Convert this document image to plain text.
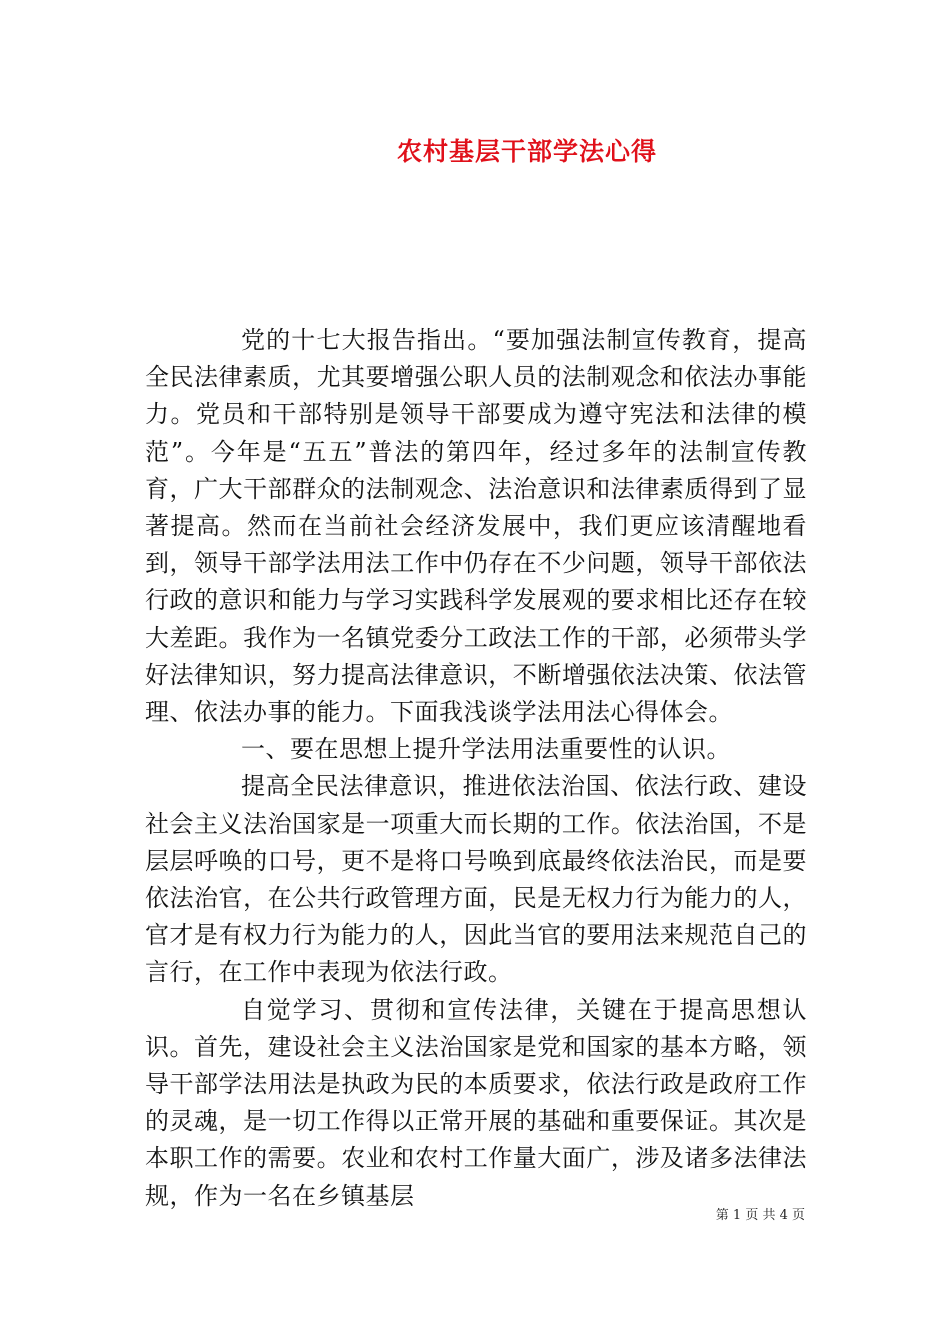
农村基层干部学法心得

党的十七大报告指出。“要加强法制宣传教育，提高全民法律素质，尤其要增强公职人员的法制观念和依法办事能力。党员和干部特别是领导干部要成为遵守宪法和法律的模范”。今年是“五五”普法的第四年，经过多年的法制宣传教育，广大干部群众的法制观念、法治意识和法律素质得到了显著提高。然而在当前社会经济发展中，我们更应该清醒地看到，领导干部学法用法工作中仍存在不少问题，领导干部依法行政的意识和能力与学习实践科学发展观的要求相比还存在较大差距。我作为一名镇党委分工政法工作的干部，必须带头学好法律知识，努力提高法律意识，不断增强依法决策、依法管理、依法办事的能力。下面我浅谈学法用法心得体会。

一、要在思想上提升学法用法重要性的认识。

提高全民法律意识，推进依法治国、依法行政、建设社会主义法治国家是一项重大而长期的工作。依法治国，不是层层呼唤的口号，更不是将口号唤到底最终依法治民，而是要依法治官，在公共行政管理方面，民是无权力行为能力的人，官才是有权力行为能力的人，因此当官的要用法来规范自己的言行，在工作中表现为依法行政。

自觉学习、贯彻和宣传法律，关键在于提高思想认识。首先，建设社会主义法治国家是党和国家的基本方略，领导干部学法用法是执政为民的本质要求，依法行政是政府工作的灵魂，是一切工作得以正常开展的基础和重要保证。其次是本职工作的需要。农业和农村工作量大面广，涉及诸多法律法规，作为一名在乡镇基层

第 1 页 共 4 页
